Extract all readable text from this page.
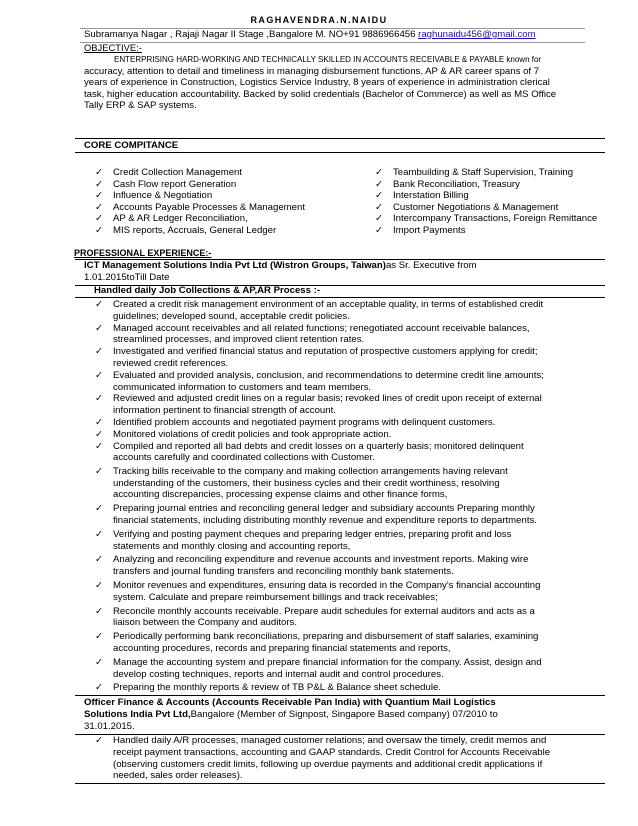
RAGHAVENDRA.N.NAIDU
Subramanya Nagar , Rajaji Nagar II Stage ,Bangalore M. NO+91 9886966456 raghunaidu456@gmail.com
OBJECTIVE:-

ENTERPRISING HARD-WORKING AND TECHNICALLY SKILLED IN ACCOUNTS RECEIVABLE & PAYABLE known for

accuracy, attention to detail and timeliness in managing disbursement functions. AP & AR career spans of 7

years of experience in Construction, Logistics Service Industry, 8 years of experience in administration clerical

task, higher education accountability. Backed by solid credentials (Bachelor of Commerce) as well as MS Office

Tally ERP & SAP systems.

CORE COMPITANCE
PROFESSIONAL EXPERIENCE:-
ICT Management Solutions India Pvt Ltd (Wistron Groups, Taiwan)as Sr. Executive from
1.01.2015toTill Date
Handled daily Job Collections & AP,AR Process :-
Officer Finance & Accounts (Accounts Receivable Pan India) with Quantium Mail Logistics
Solutions India Pvt Ltd,Bangalore (Member of Signpost, Singapore Based company) 07/2010 to
31.01.2015.
✓ Credit Collection Management
✓ Cash Flow report Generation
✓ Influence & Negotiation
✓ Accounts Payable Processes & Management
✓ AP & AR Ledger Reconciliation,
✓ MIS reports, Accruals, General Ledger
✓ Teambuilding & Staff Supervision, Training
✓ Bank Reconciliation, Treasury
✓ Interstation Billing
✓ Customer Negotiations & Management
✓ Intercompany Transactions, Foreign Remittance
✓ Import Payments
✓ Created a credit risk management environment of an acceptable quality, in terms of established credit
guidelines; developed sound, acceptable credit policies.
✓ Managed account receivables and all related functions; renegotiated account receivable balances,
streamlined processes, and improved client retention rates.
✓ Investigated and verified financial status and reputation of prospective customers applying for credit;
reviewed credit references.
✓ Evaluated and provided analysis, conclusion, and recommendations to determine credit line amounts;
communicated information to customers and team members.
✓ Reviewed and adjusted credit lines on a regular basis; revoked lines of credit upon receipt of external
information pertinent to financial strength of account.
✓ Identified problem accounts and negotiated payment programs with delinquent customers.
✓ Monitored violations of credit policies and took appropriate action.
✓ Compiled and reported all bad debts and credit losses on a quarterly basis; monitored delinquent
accounts carefully and coordinated collections with Customer.
✓ Tracking bills receivable to the company and making collection arrangements having relevant
understanding of the customers, their business cycles and their credit worthiness, resolving
accounting discrepancies, processing expense claims and other finance forms,
✓ Preparing journal entries and reconciling general ledger and subsidiary accounts Preparing monthly
financial statements, including distributing monthly revenue and expenditure reports to departments.
✓ Verifying and posting payment cheques and preparing ledger entries, preparing profit and loss
statements and monthly closing and accounting reports,
✓ Analyzing and reconciling expenditure and revenue accounts and investment reports. Making wire
transfers and journal funding transfers and reconciling monthly bank statements.
✓ Monitor revenues and expenditures, ensuring data is recorded in the Company's financial accounting
system. Calculate and prepare reimbursement billings and track receivables;
✓ Reconcile monthly accounts receivable. Prepare audit schedules for external auditors and acts as a
liaison between the Company and auditors.
✓ Periodically performing bank reconciliations, preparing and disbursement of staff salaries, examining
accounting procedures, records and preparing financial statements and reports,
✓ Manage the accounting system and prepare financial information for the company. Assist, design and
develop costing techniques, reports and internal audit and control procedures.
✓ Preparing the monthly reports & review of TB P&L & Balance sheet schedule.
✓ Handled daily A/R processes, managed customer relations; and oversaw the timely, credit memos and
receipt payment transactions, accounting and GAAP standards. Credit Control for Accounts Receivable
(observing customers credit limits, following up overdue payments and additional credit applications if
needed, sales order releases).
